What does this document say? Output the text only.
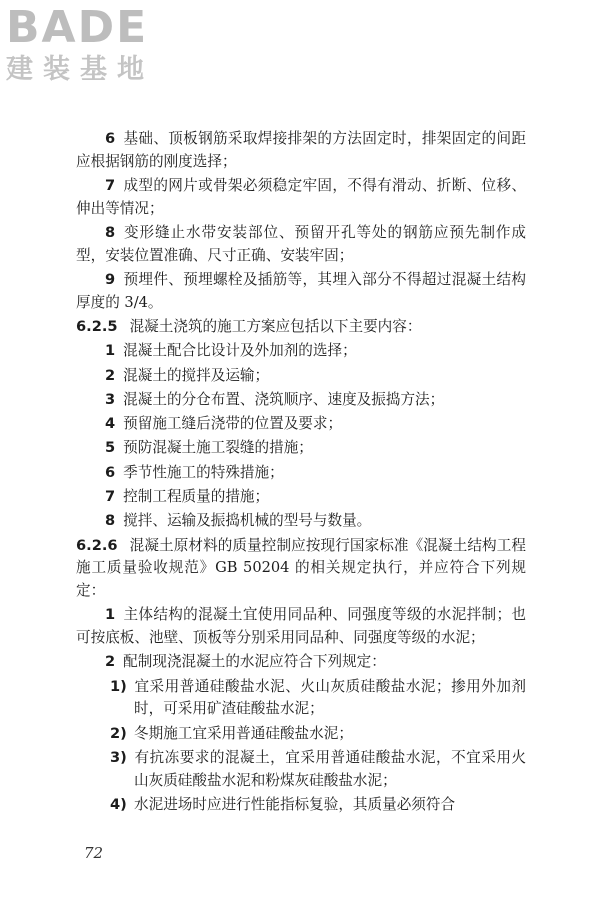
BADE
建装基地

6 基础、顶板钢筋采取焊接排架的方法固定时，排架固定的间距应根据钢筋的刚度选择；

7 成型的网片或骨架必须稳定牢固，不得有滑动、折断、位移、伸出等情况；

8 变形缝止水带安装部位、预留开孔等处的钢筋应预先制作成型，安装位置准确、尺寸正确、安装牢固；

9 预埋件、预埋螺栓及插筋等，其埋入部分不得超过混凝土结构厚度的 3/4。

6.2.5 混凝土浇筑的施工方案应包括以下主要内容：

1 混凝土配合比设计及外加剂的选择；

2 混凝土的搅拌及运输；

3 混凝土的分仓布置、浇筑顺序、速度及振捣方法；

4 预留施工缝后浇带的位置及要求；

5 预防混凝土施工裂缝的措施；

6 季节性施工的特殊措施；

7 控制工程质量的措施；

8 搅拌、运输及振捣机械的型号与数量。

6.2.6 混凝土原材料的质量控制应按现行国家标准《混凝土结构工程施工质量验收规范》GB 50204 的相关规定执行，并应符合下列规定：

1 主体结构的混凝土宜使用同品种、同强度等级的水泥拌制；也可按底板、池壁、顶板等分别采用同品种、同强度等级的水泥；

2 配制现浇混凝土的水泥应符合下列规定：

1) 宜采用普通硅酸盐水泥、火山灰质硅酸盐水泥；掺用外加剂时，可采用矿渣硅酸盐水泥；

2) 冬期施工宜采用普通硅酸盐水泥；

3) 有抗冻要求的混凝土，宜采用普通硅酸盐水泥，不宜采用火山灰质硅酸盐水泥和粉煤灰硅酸盐水泥；

4) 水泥进场时应进行性能指标复验，其质量必须符合

72
